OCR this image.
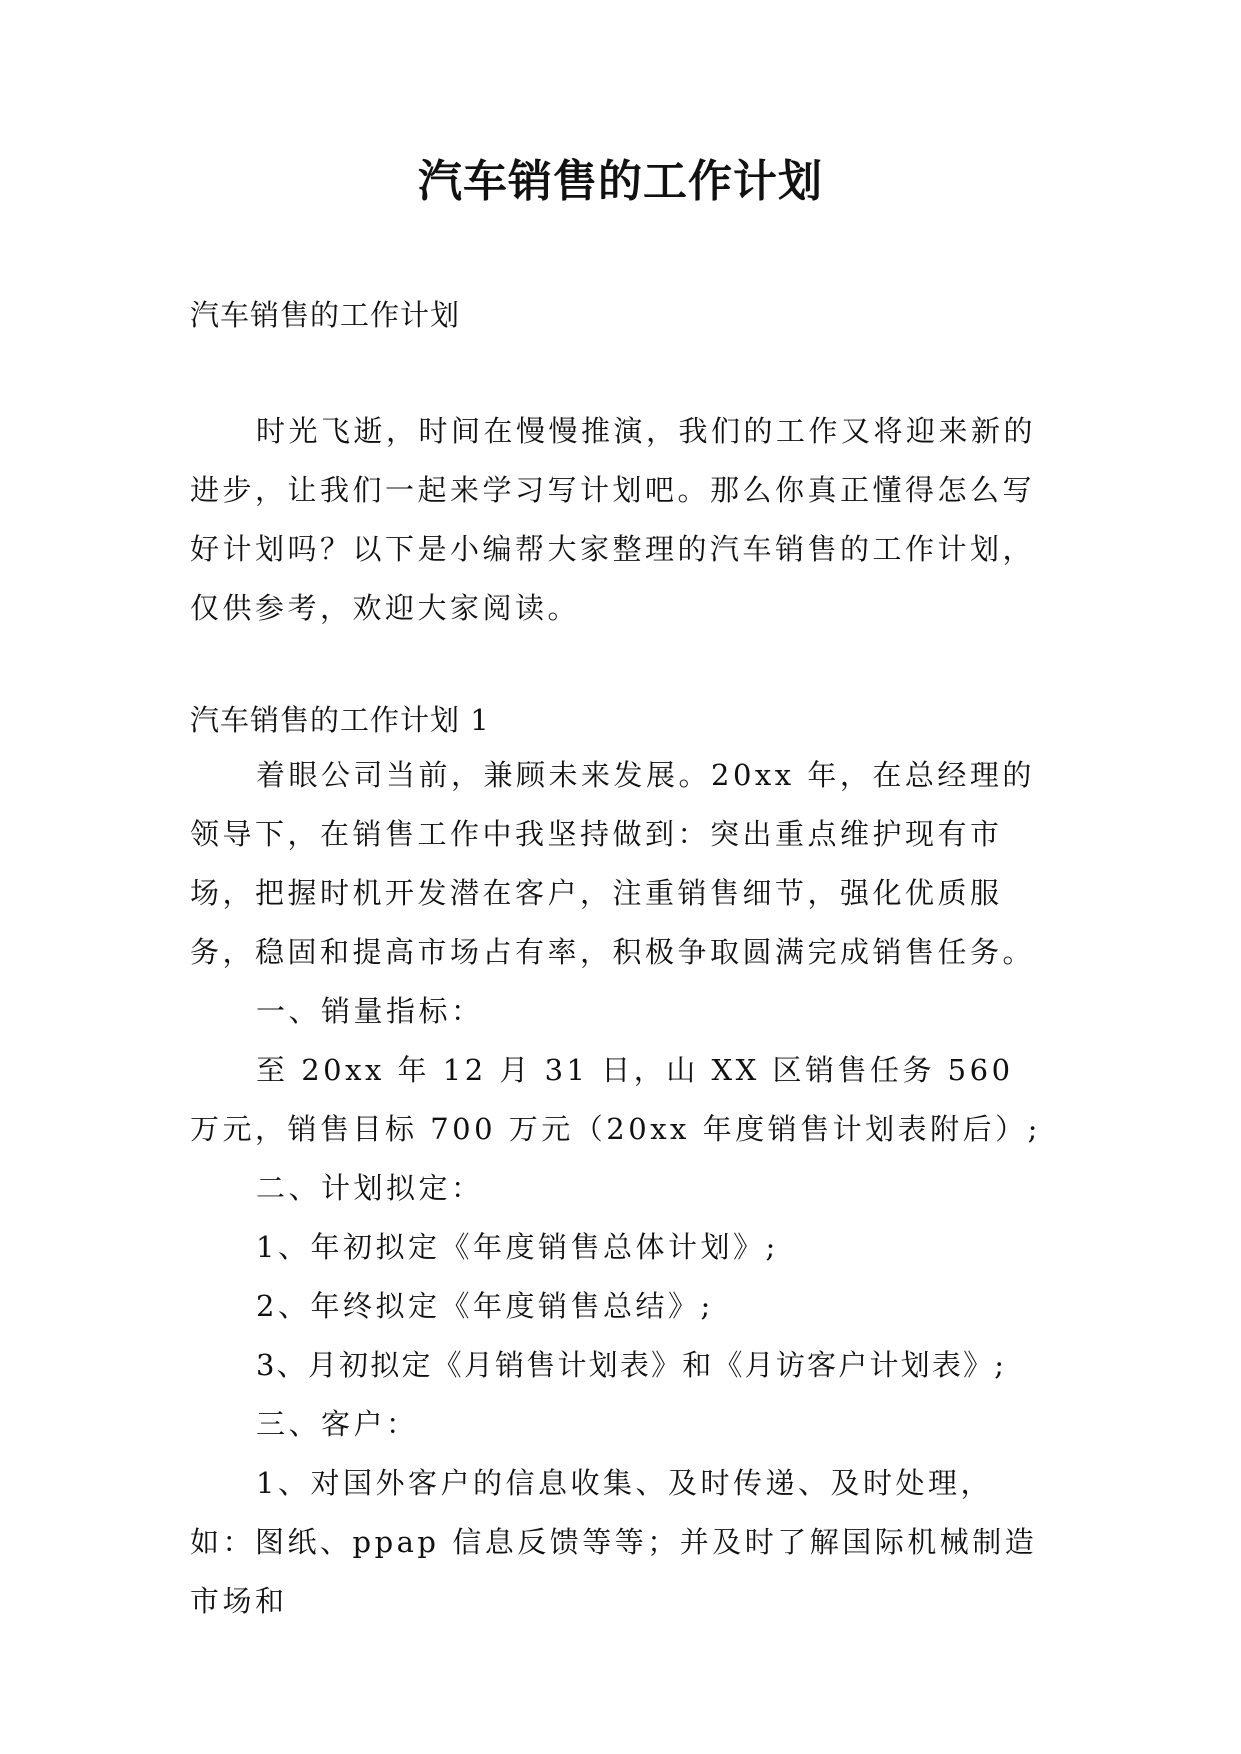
汽车销售的工作计划

汽车销售的工作计划

时光飞逝，时间在慢慢推演，我们的工作又将迎来新的进步，让我们一起来学习写计划吧。那么你真正懂得怎么写好计划吗？以下是小编帮大家整理的汽车销售的工作计划，仅供参考，欢迎大家阅读。

汽车销售的工作计划 1

着眼公司当前，兼顾未来发展。20xx 年，在总经理的领导下，在销售工作中我坚持做到：突出重点维护现有市场，把握时机开发潜在客户，注重销售细节，强化优质服务，稳固和提高市场占有率，积极争取圆满完成销售任务。

一、销量指标：

至 20xx 年 12 月 31 日，山 XX 区销售任务 560 万元，销售目标 700 万元（20xx 年度销售计划表附后）;

二、计划拟定：

1、年初拟定《年度销售总体计划》;

2、年终拟定《年度销售总结》;

3、月初拟定《月销售计划表》和《月访客户计划表》;

三、客户：

1、对国外客户的信息收集、及时传递、及时处理，如：图纸、ppap 信息反馈等等；并及时了解国际机械制造市场和
